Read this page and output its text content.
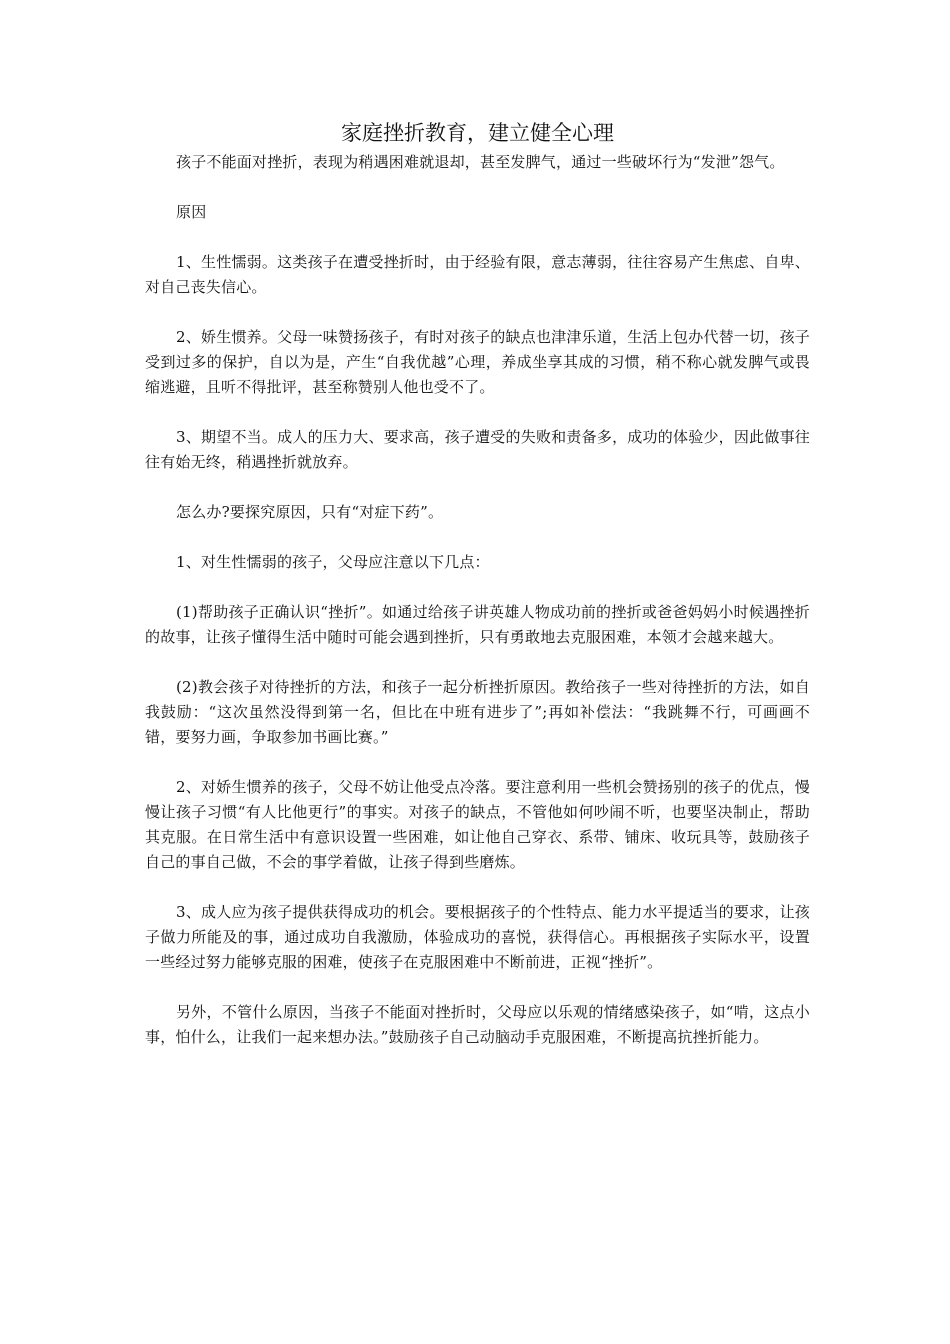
家庭挫折教育，建立健全心理

孩子不能面对挫折，表现为稍遇困难就退却，甚至发脾气，通过一些破坏行为“发泄”怨气。

原因

1、生性懦弱。这类孩子在遭受挫折时，由于经验有限，意志薄弱，往往容易产生焦虑、自卑、对自己丧失信心。

2、娇生惯养。父母一味赞扬孩子，有时对孩子的缺点也津津乐道，生活上包办代替一切，孩子受到过多的保护，自以为是，产生“自我优越”心理，养成坐享其成的习惯，稍不称心就发脾气或畏缩逃避，且听不得批评，甚至称赞别人他也受不了。

3、期望不当。成人的压力大、要求高，孩子遭受的失败和责备多，成功的体验少，因此做事往往有始无终，稍遇挫折就放弃。

怎么办?要探究原因，只有“对症下药”。

1、对生性懦弱的孩子，父母应注意以下几点：

(1)帮助孩子正确认识“挫折”。如通过给孩子讲英雄人物成功前的挫折或爸爸妈妈小时候遇挫折的故事，让孩子懂得生活中随时可能会遇到挫折，只有勇敢地去克服困难，本领才会越来越大。

(2)教会孩子对待挫折的方法，和孩子一起分析挫折原因。教给孩子一些对待挫折的方法，如自我鼓励：“这次虽然没得到第一名，但比在中班有进步了”;再如补偿法：“我跳舞不行，可画画不错，要努力画，争取参加书画比赛。”

2、对娇生惯养的孩子，父母不妨让他受点冷落。要注意利用一些机会赞扬别的孩子的优点，慢慢让孩子习惯“有人比他更行”的事实。对孩子的缺点，不管他如何吵闹不听，也要坚决制止，帮助其克服。在日常生活中有意识设置一些困难，如让他自己穿衣、系带、铺床、收玩具等，鼓励孩子自己的事自己做，不会的事学着做，让孩子得到些磨炼。

3、成人应为孩子提供获得成功的机会。要根据孩子的个性特点、能力水平提适当的要求，让孩子做力所能及的事，通过成功自我激励，体验成功的喜悦，获得信心。再根据孩子实际水平，设置一些经过努力能够克服的困难，使孩子在克服困难中不断前进，正视“挫折”。

另外，不管什么原因，当孩子不能面对挫折时，父母应以乐观的情绪感染孩子，如“啃，这点小事，怕什么，让我们一起来想办法。”鼓励孩子自己动脑动手克服困难，不断提高抗挫折能力。
